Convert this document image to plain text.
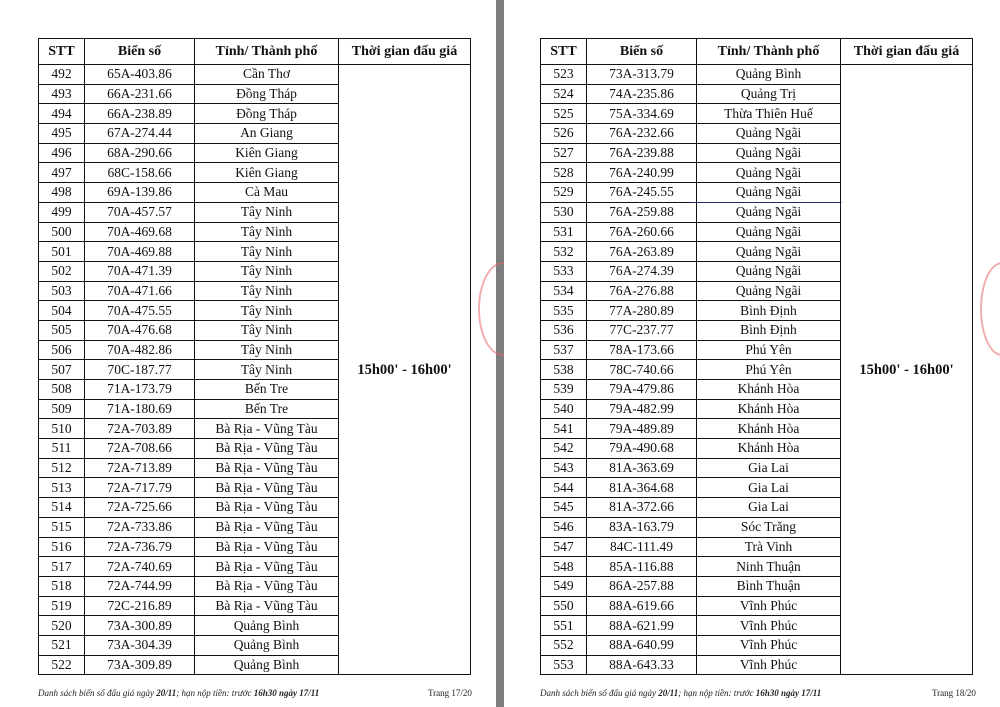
STT	Biển số	Tỉnh/ Thành phố	Thời gian đấu giá
492	65A-403.86	Cần Thơ	15h00' - 16h00'
493	66A-231.66	Đồng Tháp	
494	66A-238.89	Đồng Tháp	
495	67A-274.44	An Giang	
496	68A-290.66	Kiên Giang	
497	68C-158.66	Kiên Giang	
498	69A-139.86	Cà Mau	
499	70A-457.57	Tây Ninh	
500	70A-469.68	Tây Ninh	
501	70A-469.88	Tây Ninh	
502	70A-471.39	Tây Ninh	
503	70A-471.66	Tây Ninh	
504	70A-475.55	Tây Ninh	
505	70A-476.68	Tây Ninh	
506	70A-482.86	Tây Ninh	
507	70C-187.77	Tây Ninh	
508	71A-173.79	Bến Tre	
509	71A-180.69	Bến Tre	
510	72A-703.89	Bà Rịa - Vũng Tàu	
511	72A-708.66	Bà Rịa - Vũng Tàu	
512	72A-713.89	Bà Rịa - Vũng Tàu	
513	72A-717.79	Bà Rịa - Vũng Tàu	
514	72A-725.66	Bà Rịa - Vũng Tàu	
515	72A-733.86	Bà Rịa - Vũng Tàu	
516	72A-736.79	Bà Rịa - Vũng Tàu	
517	72A-740.69	Bà Rịa - Vũng Tàu	
518	72A-744.99	Bà Rịa - Vũng Tàu	
519	72C-216.89	Bà Rịa - Vũng Tàu	
520	73A-300.89	Quảng Bình	
521	73A-304.39	Quảng Bình	
522	73A-309.89	Quảng Bình	
Danh sách biển số đấu giá ngày 20/11; hạn nộp tiền: trước 16h30 ngày 17/11	Trang 17/20
STT	Biển số	Tỉnh/ Thành phố	Thời gian đấu giá
523	73A-313.79	Quảng Bình	15h00' - 16h00'
524	74A-235.86	Quảng Trị	
525	75A-334.69	Thừa Thiên Huế	
526	76A-232.66	Quảng Ngãi	
527	76A-239.88	Quảng Ngãi	
528	76A-240.99	Quảng Ngãi	
529	76A-245.55	Quảng Ngãi	
530	76A-259.88	Quảng Ngãi	
531	76A-260.66	Quảng Ngãi	
532	76A-263.89	Quảng Ngãi	
533	76A-274.39	Quảng Ngãi	
534	76A-276.88	Quảng Ngãi	
535	77A-280.89	Bình Định	
536	77C-237.77	Bình Định	
537	78A-173.66	Phú Yên	
538	78C-740.66	Phú Yên	
539	79A-479.86	Khánh Hòa	
540	79A-482.99	Khánh Hòa	
541	79A-489.89	Khánh Hòa	
542	79A-490.68	Khánh Hòa	
543	81A-363.69	Gia Lai	
544	81A-364.68	Gia Lai	
545	81A-372.66	Gia Lai	
546	83A-163.79	Sóc Trăng	
547	84C-111.49	Trà Vinh	
548	85A-116.88	Ninh Thuận	
549	86A-257.88	Bình Thuận	
550	88A-619.66	Vĩnh Phúc	
551	88A-621.99	Vĩnh Phúc	
552	88A-640.99	Vĩnh Phúc	
553	88A-643.33	Vĩnh Phúc	
Danh sách biển số đấu giá ngày 20/11; hạn nộp tiền: trước 16h30 ngày 17/11	Trang 18/20
